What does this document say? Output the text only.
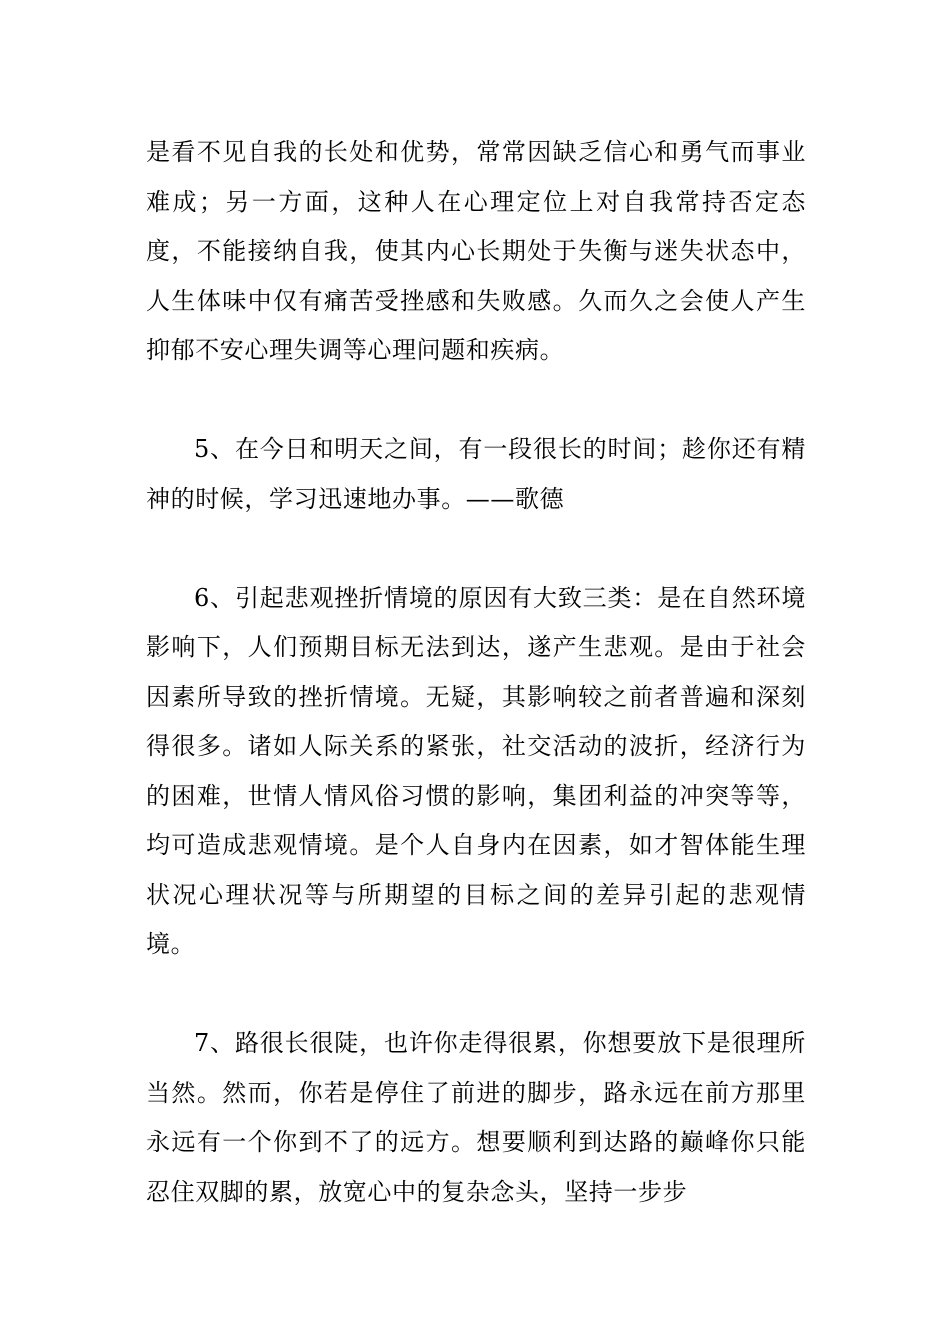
是看不见自我的长处和优势，常常因缺乏信心和勇气而事业难成；另一方面，这种人在心理定位上对自我常持否定态度，不能接纳自我，使其内心长期处于失衡与迷失状态中，人生体味中仅有痛苦受挫感和失败感。久而久之会使人产生抑郁不安心理失调等心理问题和疾病。

5、在今日和明天之间，有一段很长的时间；趁你还有精神的时候，学习迅速地办事。——歌德

6、引起悲观挫折情境的原因有大致三类：是在自然环境影响下，人们预期目标无法到达，遂产生悲观。是由于社会因素所导致的挫折情境。无疑，其影响较之前者普遍和深刻得很多。诸如人际关系的紧张，社交活动的波折，经济行为的困难，世情人情风俗习惯的影响，集团利益的冲突等等，均可造成悲观情境。是个人自身内在因素，如才智体能生理状况心理状况等与所期望的目标之间的差异引起的悲观情境。

7、路很长很陡，也许你走得很累，你想要放下是很理所当然。然而，你若是停住了前进的脚步，路永远在前方那里永远有一个你到不了的远方。想要顺利到达路的巅峰你只能忍住双脚的累，放宽心中的复杂念头，坚持一步步
